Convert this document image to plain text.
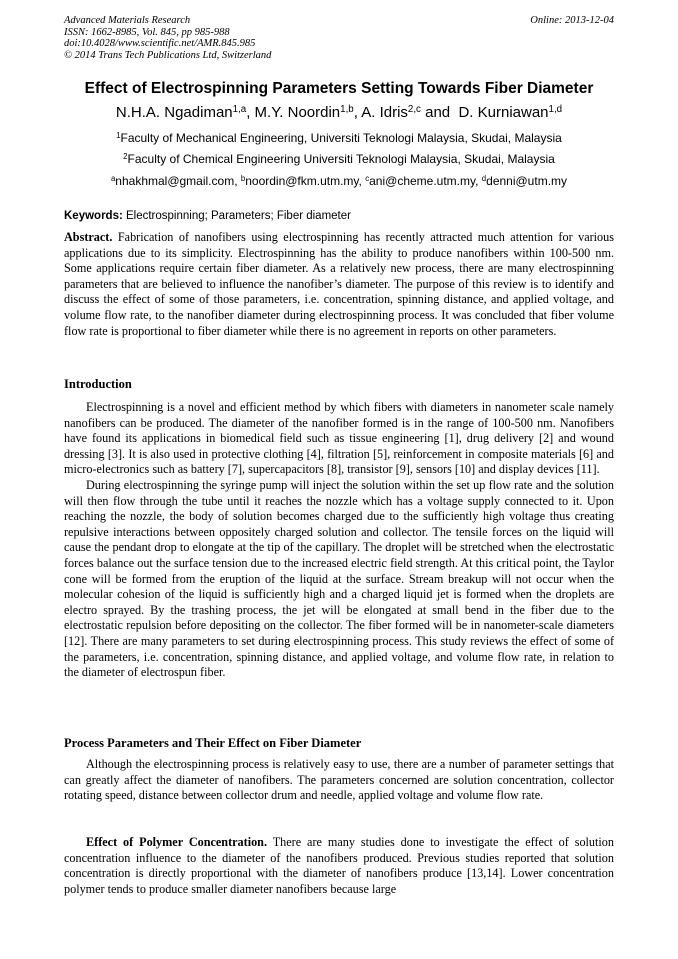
Advanced Materials Research
ISSN: 1662-8985, Vol. 845, pp 985-988
doi:10.4028/www.scientific.net/AMR.845.985
© 2014 Trans Tech Publications Ltd, Switzerland
Online: 2013-12-04
Effect of Electrospinning Parameters Setting Towards Fiber Diameter
N.H.A. Ngadiman$^{1,a}$, M.Y. Noordin$^{1,b}$, A. Idris$^{2,c}$ and  D. Kurniawan$^{1,d}$
$^1$Faculty of Mechanical Engineering, Universiti Teknologi Malaysia, Skudai, Malaysia
$^2$Faculty of Chemical Engineering Universiti Teknologi Malaysia, Skudai, Malaysia
$^a$nhakhmal@gmail.com, $^b$noordin@fkm.utm.my, $^c$ani@cheme.utm.my, $^d$denni@utm.my
Keywords: Electrospinning; Parameters; Fiber diameter

Abstract. Fabrication of nanofibers using electrospinning has recently attracted much attention for various applications due to its simplicity. Electrospinning has the ability to produce nanofibers within 100-500 nm. Some applications require certain fiber diameter. As a relatively new process, there are many electrospinning parameters that are believed to influence the nanofiber’s diameter. The purpose of this review is to identify and discuss the effect of some of those parameters, i.e. concentration, spinning distance, and applied voltage, and volume flow rate, to the nanofiber diameter during electrospinning process. It was concluded that fiber volume flow rate is proportional to fiber diameter while there is no agreement in reports on other parameters.

Introduction

Electrospinning is a novel and efficient method by which fibers with diameters in nanometer scale namely nanofibers can be produced. The diameter of the nanofiber formed is in the range of 100-500 nm. Nanofibers have found its applications in biomedical field such as tissue engineering [1], drug delivery [2] and wound dressing [3]. It is also used in protective clothing [4], filtration [5], reinforcement in composite materials [6] and micro-electronics such as battery [7], supercapacitors [8], transistor [9], sensors [10] and display devices [11].

During electrospinning the syringe pump will inject the solution within the set up flow rate and the solution will then flow through the tube until it reaches the nozzle which has a voltage supply connected to it. Upon reaching the nozzle, the body of solution becomes charged due to the sufficiently high voltage thus creating repulsive interactions between oppositely charged solution and collector. The tensile forces on the liquid will cause the pendant drop to elongate at the tip of the capillary. The droplet will be stretched when the electrostatic forces balance out the surface tension due to the increased electric field strength. At this critical point, the Taylor cone will be formed from the eruption of the liquid at the surface. Stream breakup will not occur when the molecular cohesion of the liquid is sufficiently high and a charged liquid jet is formed when the droplets are electro sprayed. By the trashing process, the jet will be elongated at small bend in the fiber due to the electrostatic repulsion before depositing on the collector. The fiber formed will be in nanometer-scale diameters [12]. There are many parameters to set during electrospinning process. This study reviews the effect of some of the parameters, i.e. concentration, spinning distance, and applied voltage, and volume flow rate, in relation to the diameter of electrospun fiber.

Process Parameters and Their Effect on Fiber Diameter

Although the electrospinning process is relatively easy to use, there are a number of parameter settings that can greatly affect the diameter of nanofibers. The parameters concerned are solution concentration, collector rotating speed, distance between collector drum and needle, applied voltage and volume flow rate.

Effect of Polymer Concentration. There are many studies done to investigate the effect of solution concentration influence to the diameter of the nanofibers produced. Previous studies reported that solution concentration is directly proportional with the diameter of nanofibers produce [13,14]. Lower concentration polymer tends to produce smaller diameter nanofibers because large
